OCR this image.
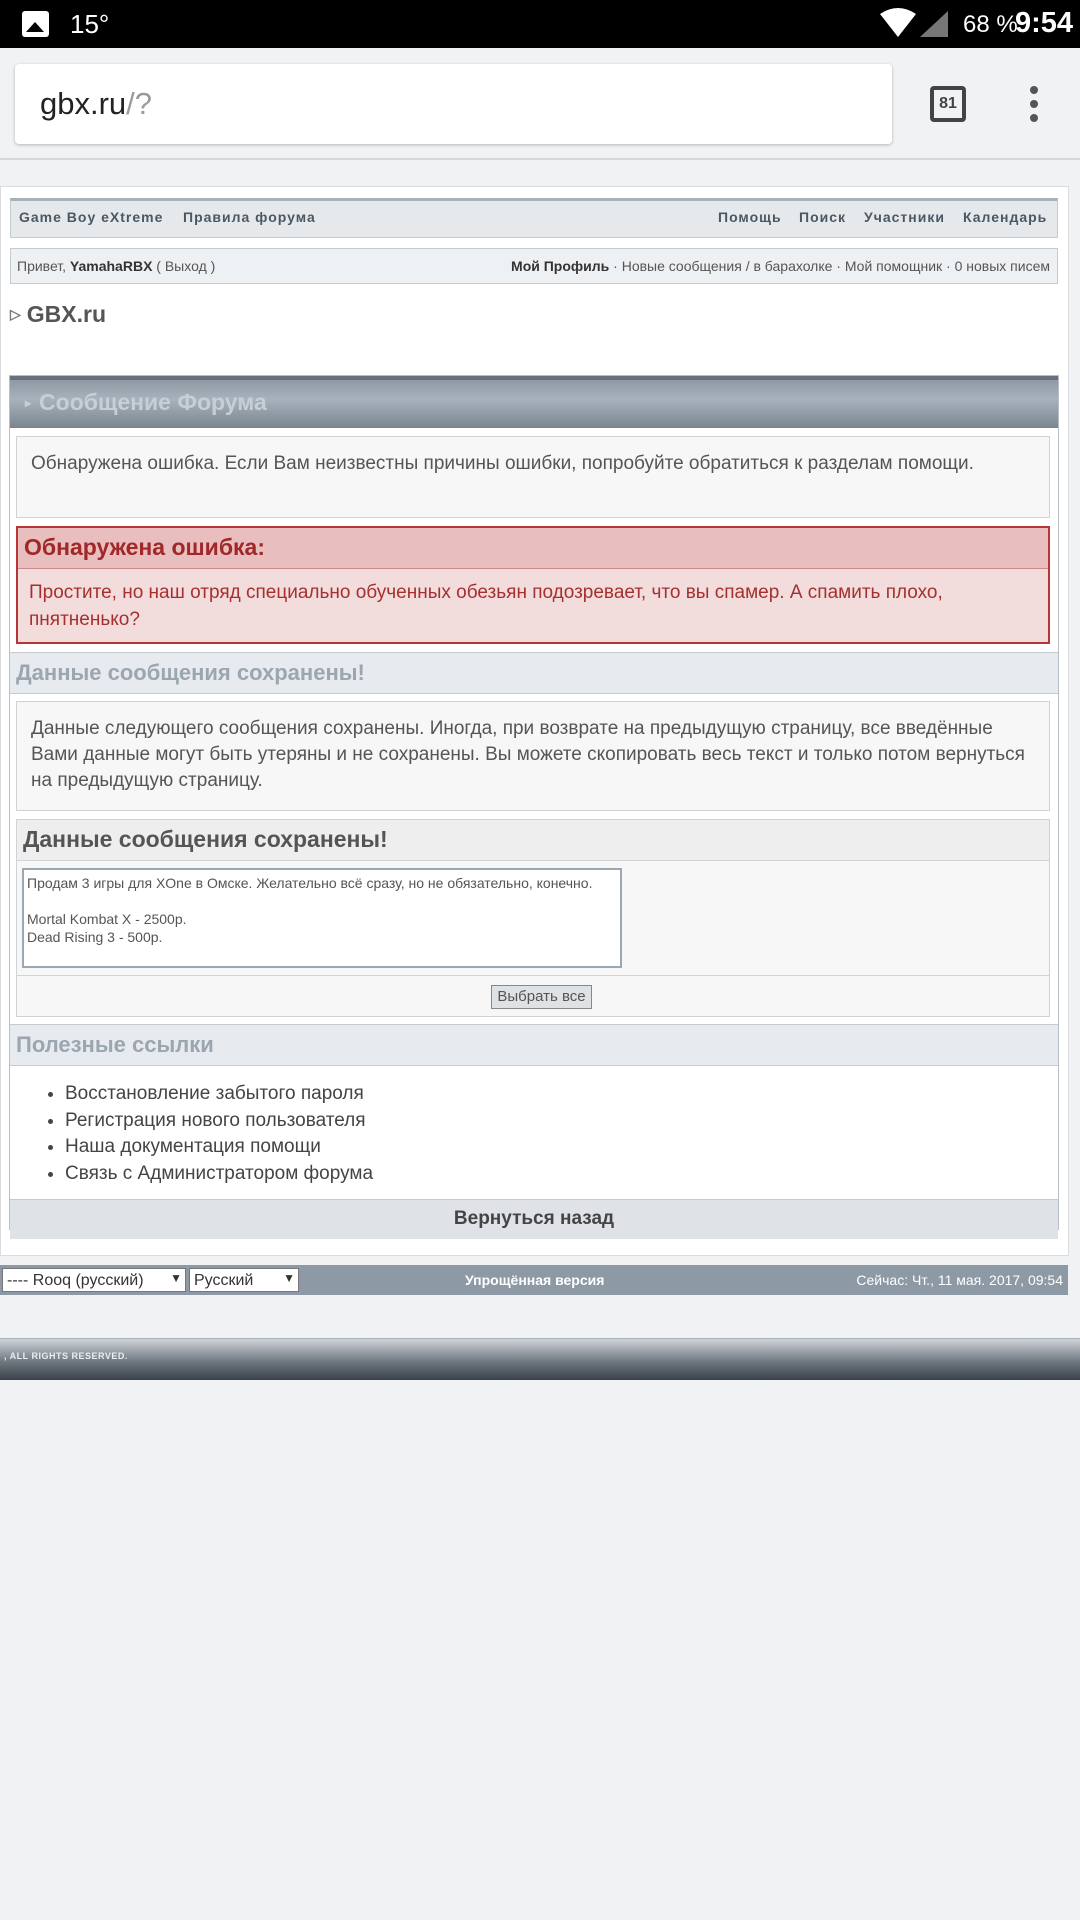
15°	68 %
9:54
gbx.ru/?	81
Game Boy eXtreme Правила форума	Помощь Поиск Участники Календарь
Привет, YamahaRBX ( Выход )	Мой Профиль · Новые сообщения / в барахолке · Мой помощник · 0 новых писем
▷ GBX.ru
▸ Сообщение Форума
Обнаружена ошибка. Если Вам неизвестны причины ошибки, попробуйте обратиться к разделам помощи.
Обнаружена ошибка:
Простите, но наш отряд специально обученных обезьян подозревает, что вы спамер. А спамить плохо, пнятненько?
Данные сообщения сохранены!
Данные следующего сообщения сохранены. Иногда, при возврате на предыдущую страницу, все введённые Вами данные могут быть утеряны и не сохранены. Вы можете скопировать весь текст и только потом вернуться на предыдущую страницу.
Данные сообщения сохранены!
Продам 3 игры для XOne в Омске. Желательно всё сразу, но не обязательно, конечно. Mortal Kombat X - 2500р. Dead Rising 3 - 500р.
Выбрать все
Полезные ссылки
• Восстановление забытого пароля
• Регистрация нового пользователя
• Наша документация помощи
• Связь с Администратором форума
Вернуться назад
---- Rooq (русский)
▼
Русский	▼	Упрощённая версия	Сейчас: Чт., 11 мая. 2017, 09:54
, ALL RIGHTS RESERVED.
